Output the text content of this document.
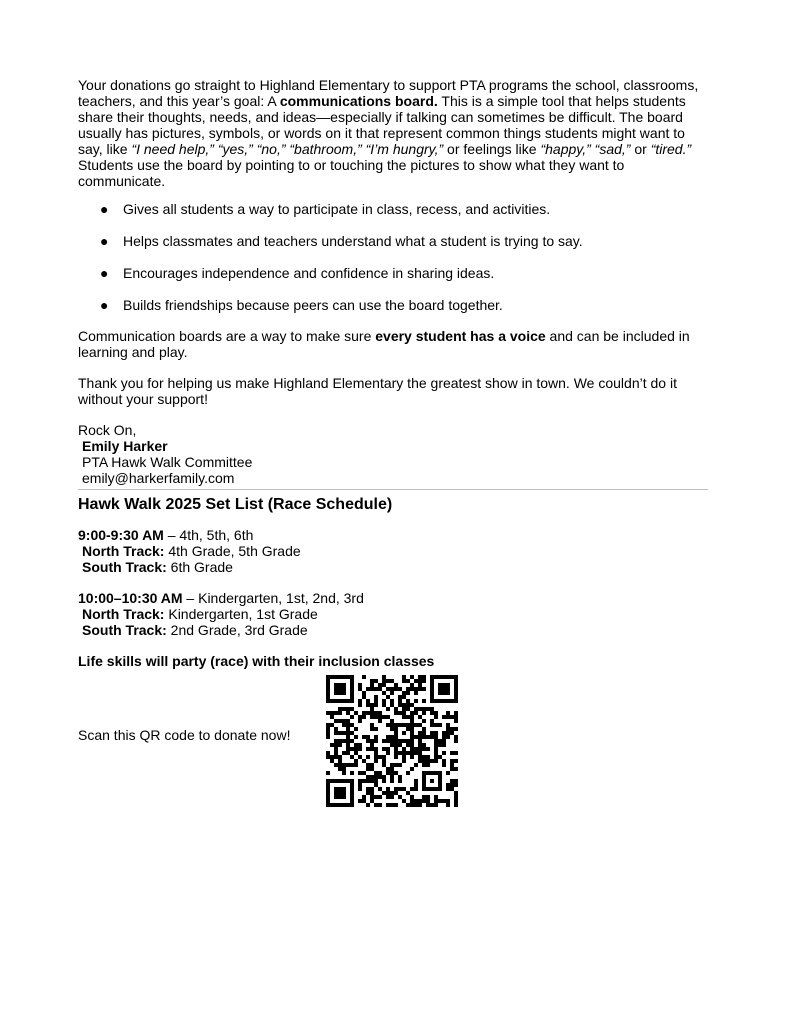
Your donations go straight to Highland Elementary to support PTA programs the school, classrooms, teachers, and this year’s goal: A communications board. This is a simple tool that helps students share their thoughts, needs, and ideas—especially if talking can sometimes be difficult. The board usually has pictures, symbols, or words on it that represent common things students might want to say, like “I need help,” “yes,” “no,” “bathroom,” “I’m hungry,” or feelings like “happy,” “sad,” or “tired.” Students use the board by pointing to or touching the pictures to show what they want to communicate.

● Gives all students a way to participate in class, recess, and activities.
● Helps classmates and teachers understand what a student is trying to say.
● Encourages independence and confidence in sharing ideas.
● Builds friendships because peers can use the board together.

Communication boards are a way to make sure every student has a voice and can be included in learning and play.

Thank you for helping us make Highland Elementary the greatest show in town. We couldn’t do it without your support!

Rock On,

Emily Harker
PTA Hawk Walk Committee
emily@harkerfamily.com

Hawk Walk 2025 Set List (Race Schedule)

9:00-9:30 AM – 4th, 5th, 6th

North Track: 4th Grade, 5th Grade
South Track: 6th Grade

10:00–10:30 AM – Kindergarten, 1st, 2nd, 3rd

North Track: Kindergarten, 1st Grade
South Track: 2nd Grade, 3rd Grade

Life skills will party (race) with their inclusion classes

Scan this QR code to donate now!
